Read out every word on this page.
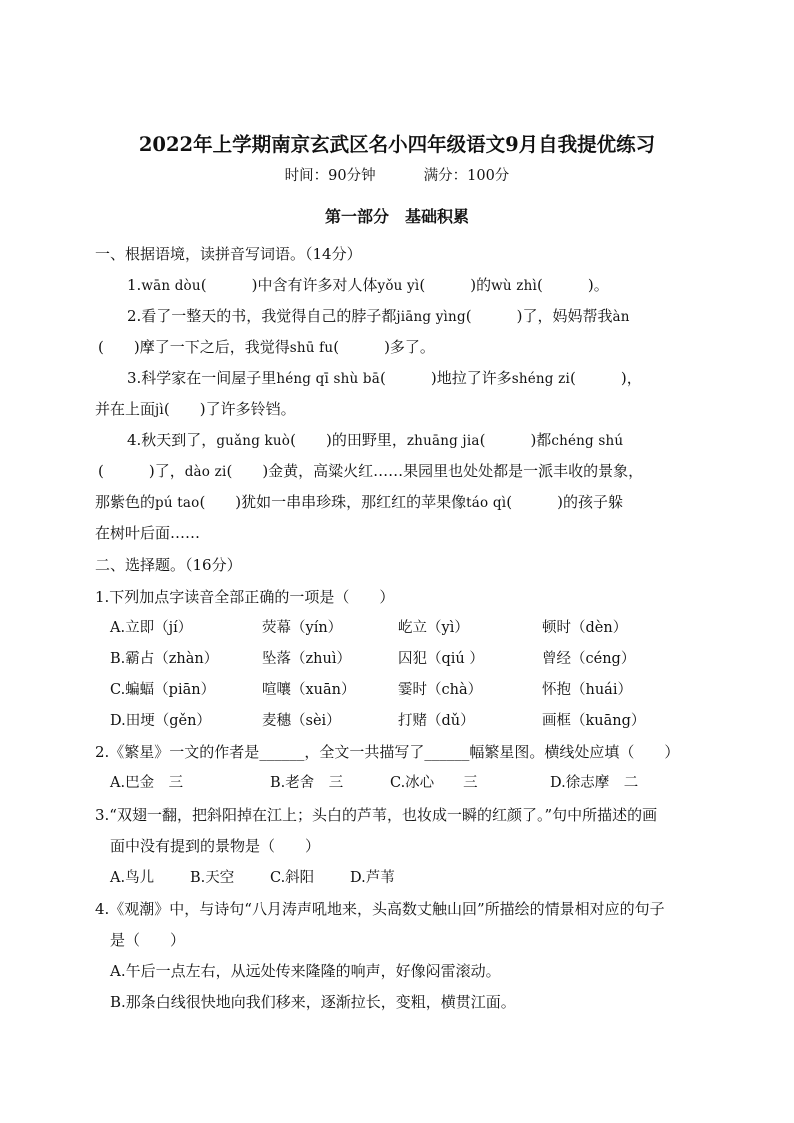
2022年上学期南京玄武区名小四年级语文9月自我提优练习
时间：90分钟	满分：100分
第一部分　基础积累
一、根据语境，读拼音写词语。（14分）
1.wān dòu(　　　)中含有许多对人体yǒu yì(　　　)的wù zhì(　　　)。
2.看了一整天的书，我觉得自己的脖子都jiāng yìng(　　　)了，妈妈帮我àn
(　　)摩了一下之后，我觉得shū fu(　　　)多了。
3.科学家在一间屋子里héng qī shù bā(　　　)地拉了许多shéng zi(　　　)，
并在上面jì(　　)了许多铃铛。
4.秋天到了，guǎng kuò(　　)的田野里，zhuāng jia(　　　)都chéng shú
(　　　)了，dào zi(　　)金黄，高粱火红……果园里也处处都是一派丰收的景象，
那紫色的pú tao(　　)犹如一串串珍珠，那红红的苹果像táo qì(　　　)的孩子躲
在树叶后面……
二、选择题。（16分）
1.下列加点字读音全部正确的一项是（　　）
A.立即（jí）	荧幕（yín）	屹立（yì）	顿时（dèn）
B.霸占（zhàn）	坠落（zhuì）	囚犯（qiú ）	曾经（céng）
C.蝙蝠（piān）	喧嚷（xuān）	霎时（chà）	怀抱（huái）
D.田埂（gěn）	麦穗（sèi）	打赌（dǔ）	画框（kuāng）
2.《繁星》一文的作者是______，全文一共描写了______幅繁星图。横线处应填（　　）
A.巴金　三	B.老舍　三	C.冰心　　三	D.徐志摩　二
3.“双翅一翻，把斜阳掉在江上；头白的芦苇，也妆成一瞬的红颜了。”句中所描述的画
面中没有提到的景物是（　　）
A.鸟儿 B.天空 C.斜阳 D.芦苇
4.《观潮》中，与诗句“八月涛声吼地来，头高数丈触山回”所描绘的情景相对应的句子
是（　　）
A.午后一点左右，从远处传来隆隆的响声，好像闷雷滚动。
B.那条白线很快地向我们移来，逐渐拉长，变粗，横贯江面。
